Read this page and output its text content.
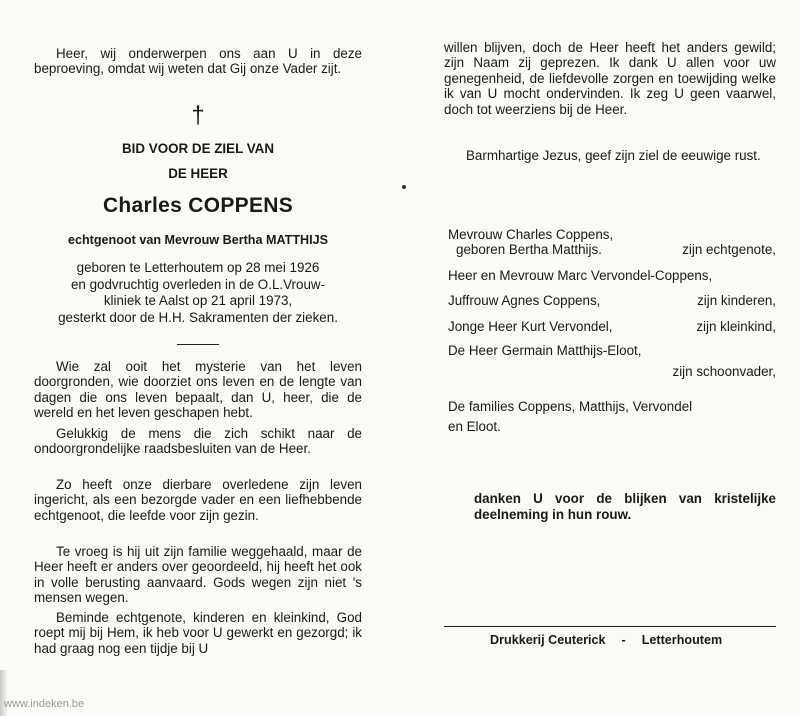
Heer, wij onderwerpen ons aan U in deze beproeving, omdat wij weten dat Gij onze Vader zijt.

†

BID VOOR DE ZIEL VAN

DE HEER

Charles COPPENS

echtgenoot van Mevrouw Bertha MATTHIJS

geboren te Letterhoutem op 28 mei 1926

en godvruchtig overleden in de O.L.Vrouw-

kliniek te Aalst op 21 april 1973,

gesterkt door de H.H. Sakramenten der zieken.

Wie zal ooit het mysterie van het leven doorgronden, wie doorziet ons leven en de lengte van dagen die ons leven bepaalt, dan U, heer, die de wereld en het leven geschapen hebt.

Gelukkig de mens die zich schikt naar de ondoorgrondelijke raadsbesluiten van de Heer.

Zo heeft onze dierbare overledene zijn leven ingericht, als een bezorgde vader en een liefhebbende echtgenoot, die leefde voor zijn gezin.

Te vroeg is hij uit zijn familie weggehaald, maar de Heer heeft er anders over geoordeeld, hij heeft het ook in volle berusting aanvaard. Gods wegen zijn niet 's mensen wegen.

Beminde echtgenote, kinderen en kleinkind, God roept mij bij Hem, ik heb voor U gewerkt en gezorgd; ik had graag nog een tijdje bij U

willen blijven, doch de Heer heeft het anders gewild; zijn Naam zij geprezen. Ik dank U allen voor uw genegenheid, de liefdevolle zorgen en toewijding welke ik van U mocht ondervinden. Ik zeg U geen vaarwel, doch tot weerziens bij de Heer.

Barmhartige Jezus, geef zijn ziel de eeuwige rust.

Mevrouw Charles Coppens,
geboren Bertha Matthijs.	zijn echtgenote,
Heer en Mevrouw Marc Vervondel-Coppens,
Juffrouw Agnes Coppens,	zijn kinderen,
Jonge Heer Kurt Vervondel,	zijn kleinkind,
De Heer Germain Matthijs-Eloot,
zijn schoonvader,
De families Coppens, Matthijs, Vervondel
en Eloot.

danken U voor de blijken van kristelijke deelneming in hun rouw.

Drukkerij Ceuterick - Letterhoutem
www.indeken.be
